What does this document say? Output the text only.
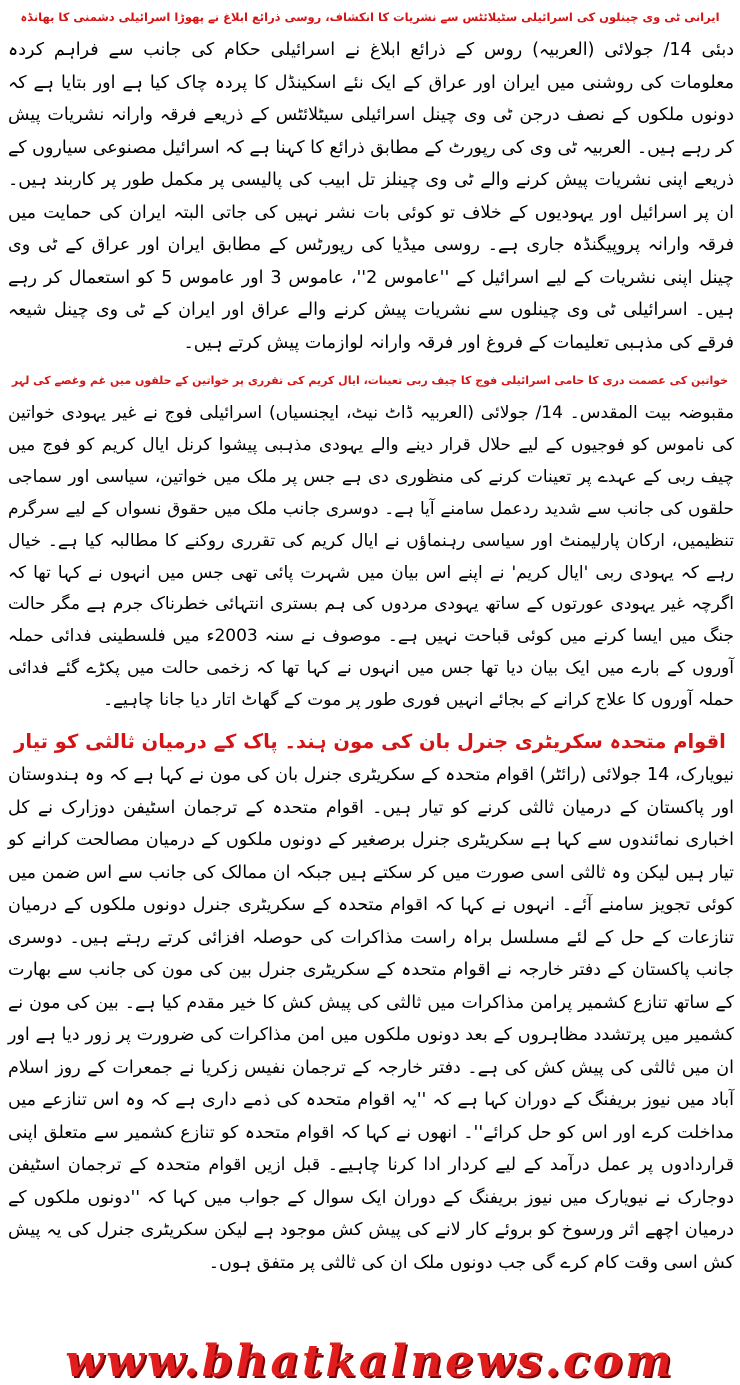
ایرانی ٹی وی چینلوں کی اسرائیلی سٹیلائٹس سے نشریات کا انکشاف، روسی ذرائع ابلاغ نے پھوڑا اسرائیلی دشمنی کا بھانڈہ

دبئی 14/ جولائی (العربیہ) روس کے ذرائع ابلاغ نے اسرائیلی حکام کی جانب سے فراہم کردہ معلومات کی روشنی میں ایران اور عراق کے ایک نئے اسکینڈل کا پردہ چاک کیا ہے اور بتایا ہے کہ دونوں ملکوں کے نصف درجن ٹی وی چینل اسرائیلی سیٹلائٹس کے ذریعے فرقہ وارانہ نشریات پیش کر رہے ہیں۔ العربیہ ٹی وی کی رپورٹ کے مطابق ذرائع کا کہنا ہے کہ اسرائیل مصنوعی سیاروں کے ذریعے اپنی نشریات پیش کرنے والے ٹی وی چینلز تل ابیب کی پالیسی پر مکمل طور پر کاربند ہیں۔ ان پر اسرائیل اور یہودیوں کے خلاف تو کوئی بات نشر نہیں کی جاتی البتہ ایران کی حمایت میں فرقہ وارانہ پروپیگنڈہ جاری ہے۔ روسی میڈیا کی رپورٹس کے مطابق ایران اور عراق کے ٹی وی چینل اپنی نشریات کے لیے اسرائیل کے ''عاموس 2''، عاموس 3 اور عاموس 5 کو استعمال کر رہے ہیں۔ اسرائیلی ٹی وی چینلوں سے نشریات پیش کرنے والے عراق اور ایران کے ٹی وی چینل شیعہ فرقے کی مذہبی تعلیمات کے فروغ اور فرقہ وارانہ لوازمات پیش کرتے ہیں۔

خواتین کی عصمت دری کا حامی اسرائیلی فوج کا چیف ربی تعینات، ایال کریم کی تقرری پر خواتین کے حلقوں میں غم وغصے کی لہر

مقبوضہ بیت المقدس۔ 14/ جولائی (العربیہ ڈاٹ نیٹ، ایجنسیاں) اسرائیلی فوج نے غیر یہودی خواتین کی ناموس کو فوجیوں کے لیے حلال قرار دینے والے یہودی مذہبی پیشوا کرنل ایال کریم کو فوج میں چیف ربی کے عہدے پر تعینات کرنے کی منظوری دی ہے جس پر ملک میں خواتین، سیاسی اور سماجی حلقوں کی جانب سے شدید ردعمل سامنے آیا ہے۔ دوسری جانب ملک میں حقوق نسواں کے لیے سرگرم تنظیمیں، ارکان پارلیمنٹ اور سیاسی رہنماؤں نے ایال کریم کی تقرری روکنے کا مطالبہ کیا ہے۔ خیال رہے کہ یہودی ربی 'ایال کریم' نے اپنے اس بیان میں شہرت پائی تھی جس میں انہوں نے کہا تھا کہ اگرچہ غیر یہودی عورتوں کے ساتھ یہودی مردوں کی ہم بستری انتہائی خطرناک جرم ہے مگر حالت جنگ میں ایسا کرنے میں کوئی قباحت نہیں ہے۔ موصوف نے سنہ 2003ء میں فلسطینی فدائی حملہ آوروں کے بارے میں ایک بیان دیا تھا جس میں انہوں نے کہا تھا کہ زخمی حالت میں پکڑے گئے فدائی حملہ آوروں کا علاج کرانے کے بجائے انہیں فوری طور پر موت کے گھاٹ اتار دیا جانا چاہیے۔

اقوام متحدہ سکریٹری جنرل بان کی مون ہند۔ پاک کے درمیان ثالثی کو تیار

نیویارک، 14 جولائی (رائٹر) اقوام متحدہ کے سکریٹری جنرل بان کی مون نے کہا ہے کہ وہ ہندوستان اور پاکستان کے درمیان ثالثی کرنے کو تیار ہیں۔ اقوام متحدہ کے ترجمان اسٹیفن دوزارک نے کل اخباری نمائندوں سے کہا ہے سکریٹری جنرل برصغیر کے دونوں ملکوں کے درمیان مصالحت کرانے کو تیار ہیں لیکن وہ ثالثی اسی صورت میں کر سکتے ہیں جبکہ ان ممالک کی جانب سے اس ضمن میں کوئی تجویز سامنے آئے۔ انہوں نے کہا کہ اقوام متحدہ کے سکریٹری جنرل دونوں ملکوں کے درمیان تنازعات کے حل کے لئے مسلسل براہ راست مذاکرات کی حوصلہ افزائی کرتے رہتے ہیں۔ دوسری جانب پاکستان کے دفتر خارجہ نے اقوام متحدہ کے سکریٹری جنرل بین کی مون کی جانب سے بھارت کے ساتھ تنازع کشمیر پرامن مذاکرات میں ثالثی کی پیش کش کا خیر مقدم کیا ہے۔ بین کی مون نے کشمیر میں پرتشدد مظاہروں کے بعد دونوں ملکوں میں امن مذاکرات کی ضرورت پر زور دیا ہے اور ان میں ثالثی کی پیش کش کی ہے۔ دفتر خارجہ کے ترجمان نفیس زکریا نے جمعرات کے روز اسلام آباد میں نیوز بریفنگ کے دوران کہا ہے کہ ''یہ اقوام متحدہ کی ذمے داری ہے کہ وہ اس تنازعے میں مداخلت کرے اور اس کو حل کرائے''۔ انھوں نے کہا کہ اقوام متحدہ کو تنازع کشمیر سے متعلق اپنی قراردادوں پر عمل درآمد کے لیے کردار ادا کرنا چاہیے۔ قبل ازیں اقوام متحدہ کے ترجمان اسٹیفن دوجارک نے نیویارک میں نیوز بریفنگ کے دوران ایک سوال کے جواب میں کہا کہ ''دونوں ملکوں کے درمیان اچھے اثر ورسوخ کو بروئے کار لانے کی پیش کش موجود ہے لیکن سکریٹری جنرل کی یہ پیش کش اسی وقت کام کرے گی جب دونوں ملک ان کی ثالثی پر متفق ہوں۔

www.bhatkalnews.com
